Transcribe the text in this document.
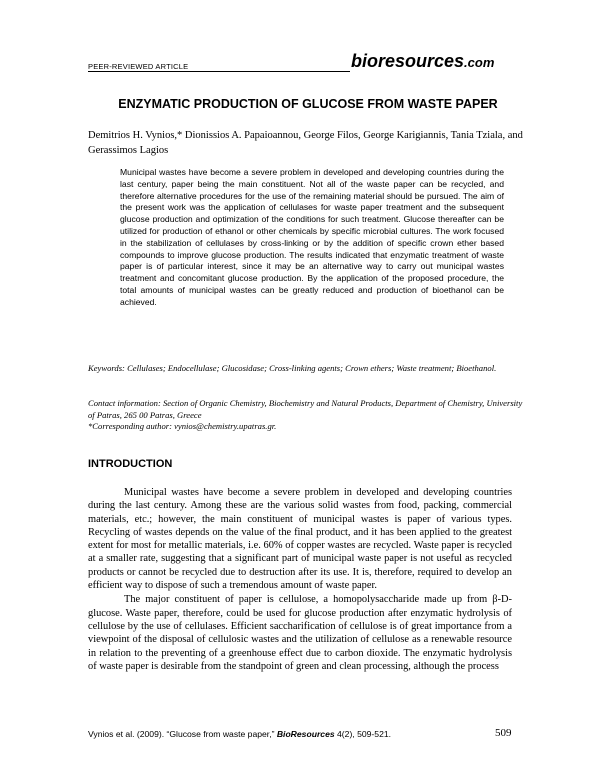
PEER-REVIEWED ARTICLE	bioresources.com
ENZYMATIC PRODUCTION OF GLUCOSE FROM WASTE PAPER
Demitrios H. Vynios,* Dionissios A. Papaioannou, George Filos, George Karigiannis, Tania Tziala, and Gerassimos Lagios
Municipal wastes have become a severe problem in developed and developing countries during the last century, paper being the main constituent. Not all of the waste paper can be recycled, and therefore alternative procedures for the use of the remaining material should be pursued. The aim of the present work was the application of cellulases for waste paper treatment and the subsequent glucose production and optimization of the conditions for such treatment. Glucose thereafter can be utilized for production of ethanol or other chemicals by specific microbial cultures. The work focused in the stabilization of cellulases by cross-linking or by the addition of specific crown ether based compounds to improve glucose production. The results indicated that enzymatic treatment of waste paper is of particular interest, since it may be an alternative way to carry out municipal wastes treatment and concomitant glucose production. By the application of the proposed procedure, the total amounts of municipal wastes can be greatly reduced and production of bioethanol can be achieved.
Keywords: Cellulases; Endocellulase; Glucosidase; Cross-linking agents; Crown ethers; Waste treatment; Bioethanol.
Contact information: Section of Organic Chemistry, Biochemistry and Natural Products, Department of Chemistry, University of Patras, 265 00 Patras, Greece
*Corresponding author: vynios@chemistry.upatras.gr.
INTRODUCTION

Municipal wastes have become a severe problem in developed and developing countries during the last century. Among these are the various solid wastes from food, packing, commercial materials, etc.; however, the main constituent of municipal wastes is paper of various types. Recycling of wastes depends on the value of the final product, and it has been applied to the greatest extent for most for metallic materials, i.e. 60% of copper wastes are recycled. Waste paper is recycled at a smaller rate, suggesting that a significant part of municipal waste paper is not useful as recycled products or cannot be recycled due to destruction after its use. It is, therefore, required to develop an efficient way to dispose of such a tremendous amount of waste paper.

The major constituent of paper is cellulose, a homopolysaccharide made up from β-D-glucose. Waste paper, therefore, could be used for glucose production after enzymatic hydrolysis of cellulose by the use of cellulases. Efficient saccharification of cellulose is of great importance from a viewpoint of the disposal of cellulosic wastes and the utilization of cellulose as a renewable resource in relation to the preventing of a greenhouse effect due to carbon dioxide. The enzymatic hydrolysis of waste paper is desirable from the standpoint of green and clean processing, although the process

Vynios et al. (2009). “Glucose from waste paper,” BioResources 4(2), 509-521.	509
